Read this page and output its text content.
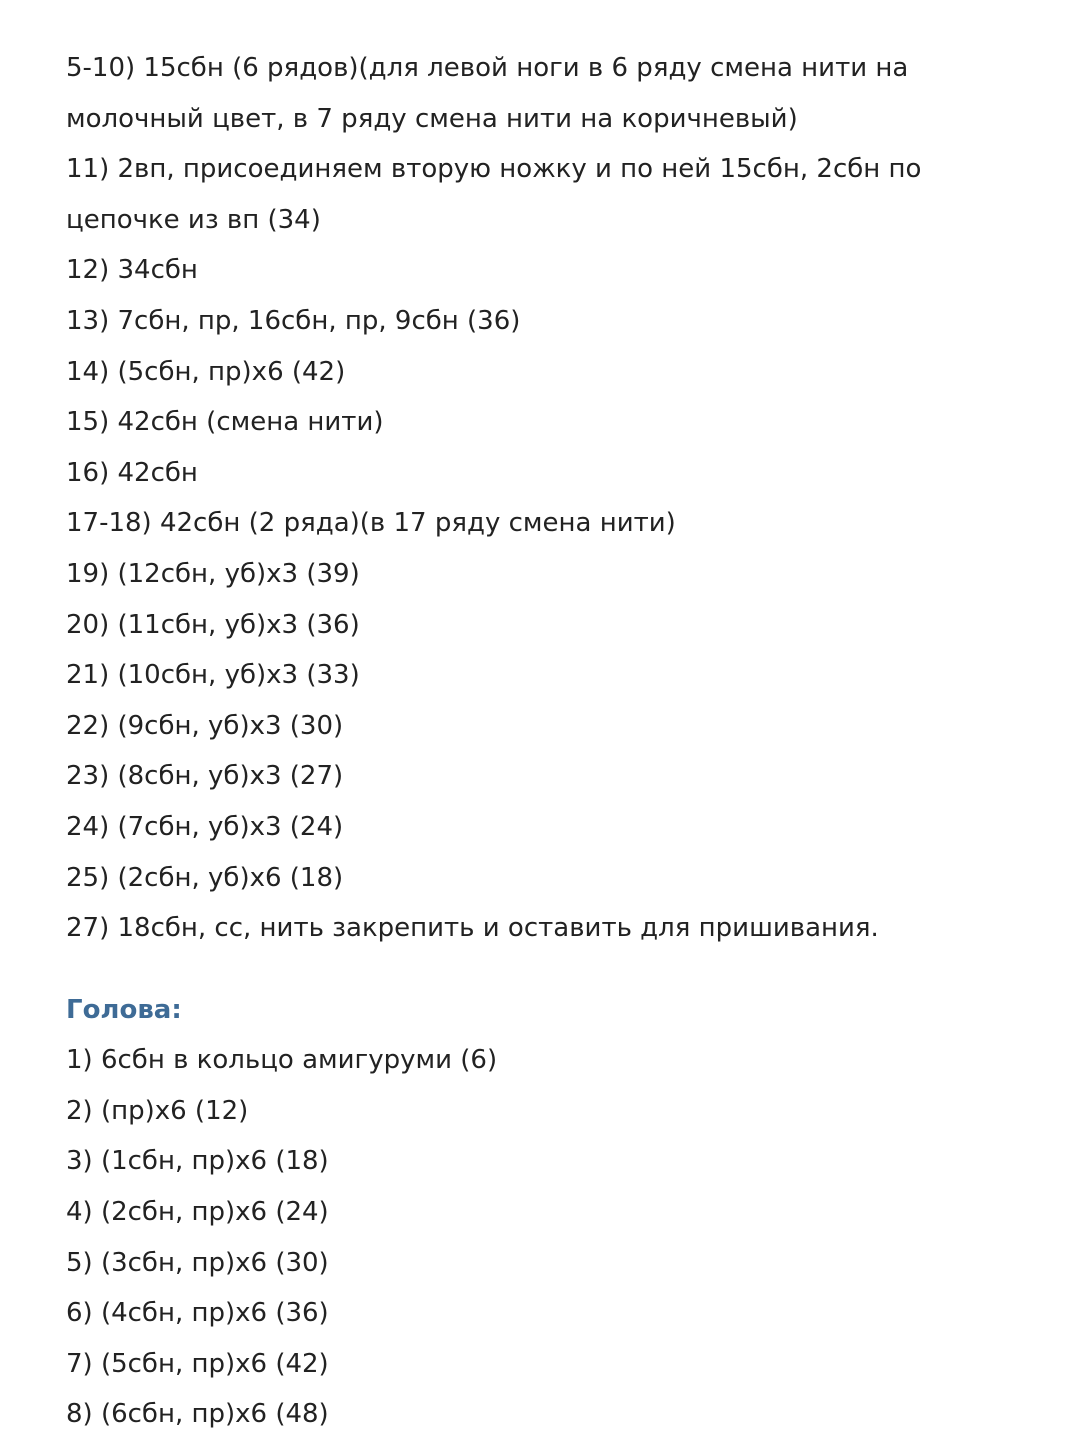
5-10) 15сбн (6 рядов)(для левой ноги в 6 ряду смена нити на
молочный цвет, в 7 ряду смена нити на коричневый)
11) 2вп, присоединяем вторую ножку и по ней 15сбн, 2сбн по
цепочке из вп (34)
12) 34сбн
13) 7сбн, пр, 16сбн, пр, 9сбн (36)
14) (5сбн, пр)х6 (42)
15) 42сбн (смена нити)
16) 42сбн
17-18) 42сбн (2 ряда)(в 17 ряду смена нити)
19) (12сбн, уб)х3 (39)
20) (11сбн, уб)х3 (36)
21) (10сбн, уб)х3 (33)
22) (9сбн, уб)х3 (30)
23) (8сбн, уб)х3 (27)
24) (7сбн, уб)х3 (24)
25) (2сбн, уб)х6 (18)
27) 18сбн, сс, нить закрепить и оставить для пришивания.
Голова:
1) 6сбн в кольцо амигуруми (6)
2) (пр)х6 (12)
3) (1сбн, пр)х6 (18)
4) (2сбн, пр)х6 (24)
5) (3сбн, пр)х6 (30)
6) (4сбн, пр)х6 (36)
7) (5сбн, пр)х6 (42)
8) (6сбн, пр)х6 (48)
